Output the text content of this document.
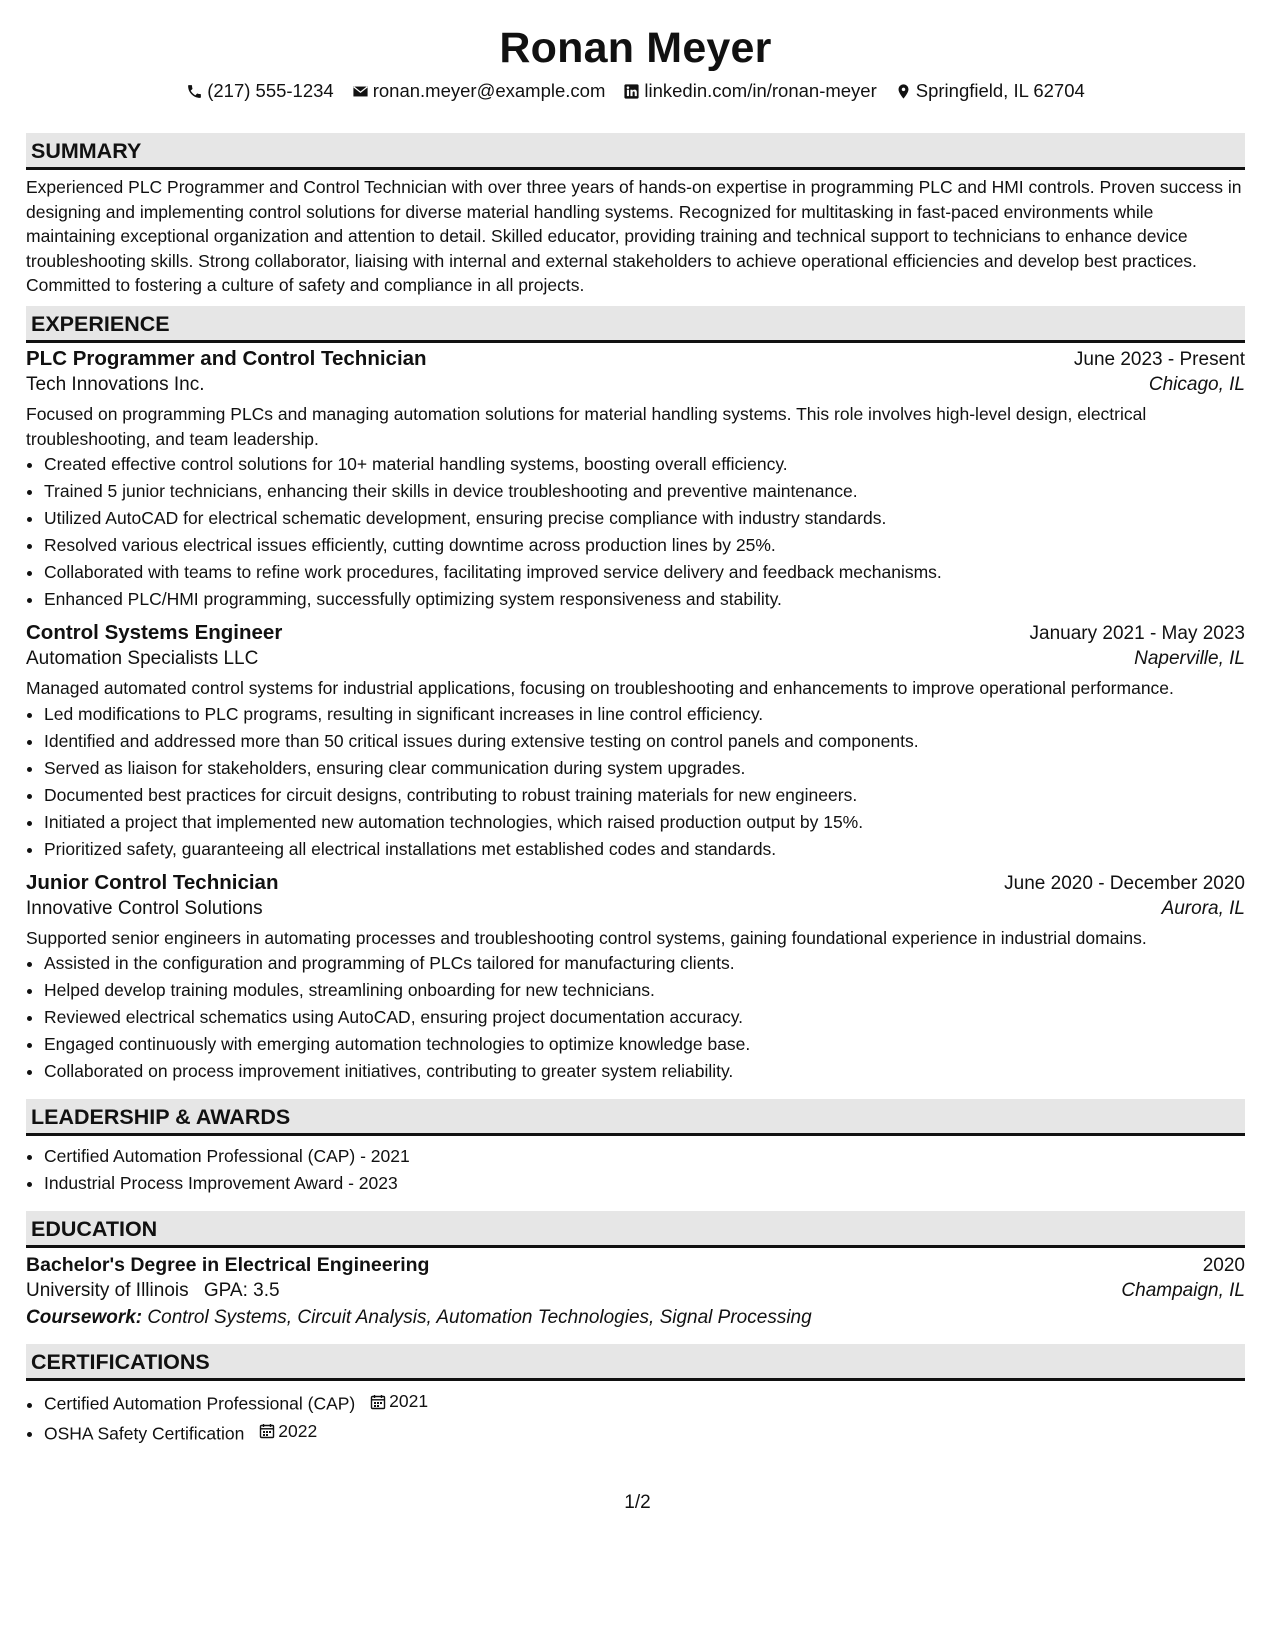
Ronan Meyer
(217) 555-1234 ronan.meyer@example.com linkedin.com/in/ronan-meyer Springfield, IL 62704
SUMMARY

Experienced PLC Programmer and Control Technician with over three years of hands-on expertise in programming PLC and HMI controls. Proven success in designing and implementing control solutions for diverse material handling systems. Recognized for multitasking in fast-paced environments while maintaining exceptional organization and attention to detail. Skilled educator, providing training and technical support to technicians to enhance device troubleshooting skills. Strong collaborator, liaising with internal and external stakeholders to achieve operational efficiencies and develop best practices. Committed to fostering a culture of safety and compliance in all projects.

EXPERIENCE
PLC Programmer and Control Technician	June 2023 - Present
Tech Innovations Inc.	Chicago, IL

Focused on programming PLCs and managing automation solutions for material handling systems. This role involves high-level design, electrical troubleshooting, and team leadership.

• Created effective control solutions for 10+ material handling systems, boosting overall efficiency.
• Trained 5 junior technicians, enhancing their skills in device troubleshooting and preventive maintenance.
• Utilized AutoCAD for electrical schematic development, ensuring precise compliance with industry standards.
• Resolved various electrical issues efficiently, cutting downtime across production lines by 25%.
• Collaborated with teams to refine work procedures, facilitating improved service delivery and feedback mechanisms.
• Enhanced PLC/HMI programming, successfully optimizing system responsiveness and stability.
Control Systems Engineer	January 2021 - May 2023
Automation Specialists LLC	Naperville, IL

Managed automated control systems for industrial applications, focusing on troubleshooting and enhancements to improve operational performance.

• Led modifications to PLC programs, resulting in significant increases in line control efficiency.
• Identified and addressed more than 50 critical issues during extensive testing on control panels and components.
• Served as liaison for stakeholders, ensuring clear communication during system upgrades.
• Documented best practices for circuit designs, contributing to robust training materials for new engineers.
• Initiated a project that implemented new automation technologies, which raised production output by 15%.
• Prioritized safety, guaranteeing all electrical installations met established codes and standards.
Junior Control Technician	June 2020 - December 2020
Innovative Control Solutions	Aurora, IL

Supported senior engineers in automating processes and troubleshooting control systems, gaining foundational experience in industrial domains.

• Assisted in the configuration and programming of PLCs tailored for manufacturing clients.
• Helped develop training modules, streamlining onboarding for new technicians.
• Reviewed electrical schematics using AutoCAD, ensuring project documentation accuracy.
• Engaged continuously with emerging automation technologies to optimize knowledge base.
• Collaborated on process improvement initiatives, contributing to greater system reliability.
LEADERSHIP & AWARDS
• Certified Automation Professional (CAP) - 2021
• Industrial Process Improvement Award - 2023
EDUCATION
Bachelor's Degree in Electrical Engineering	2020
University of Illinois GPA: 3.5	Champaign, IL
Coursework: Control Systems, Circuit Analysis, Automation Technologies, Signal Processing
CERTIFICATIONS
• Certified Automation Professional (CAP) 2021
• OSHA Safety Certification 2022
1/2
